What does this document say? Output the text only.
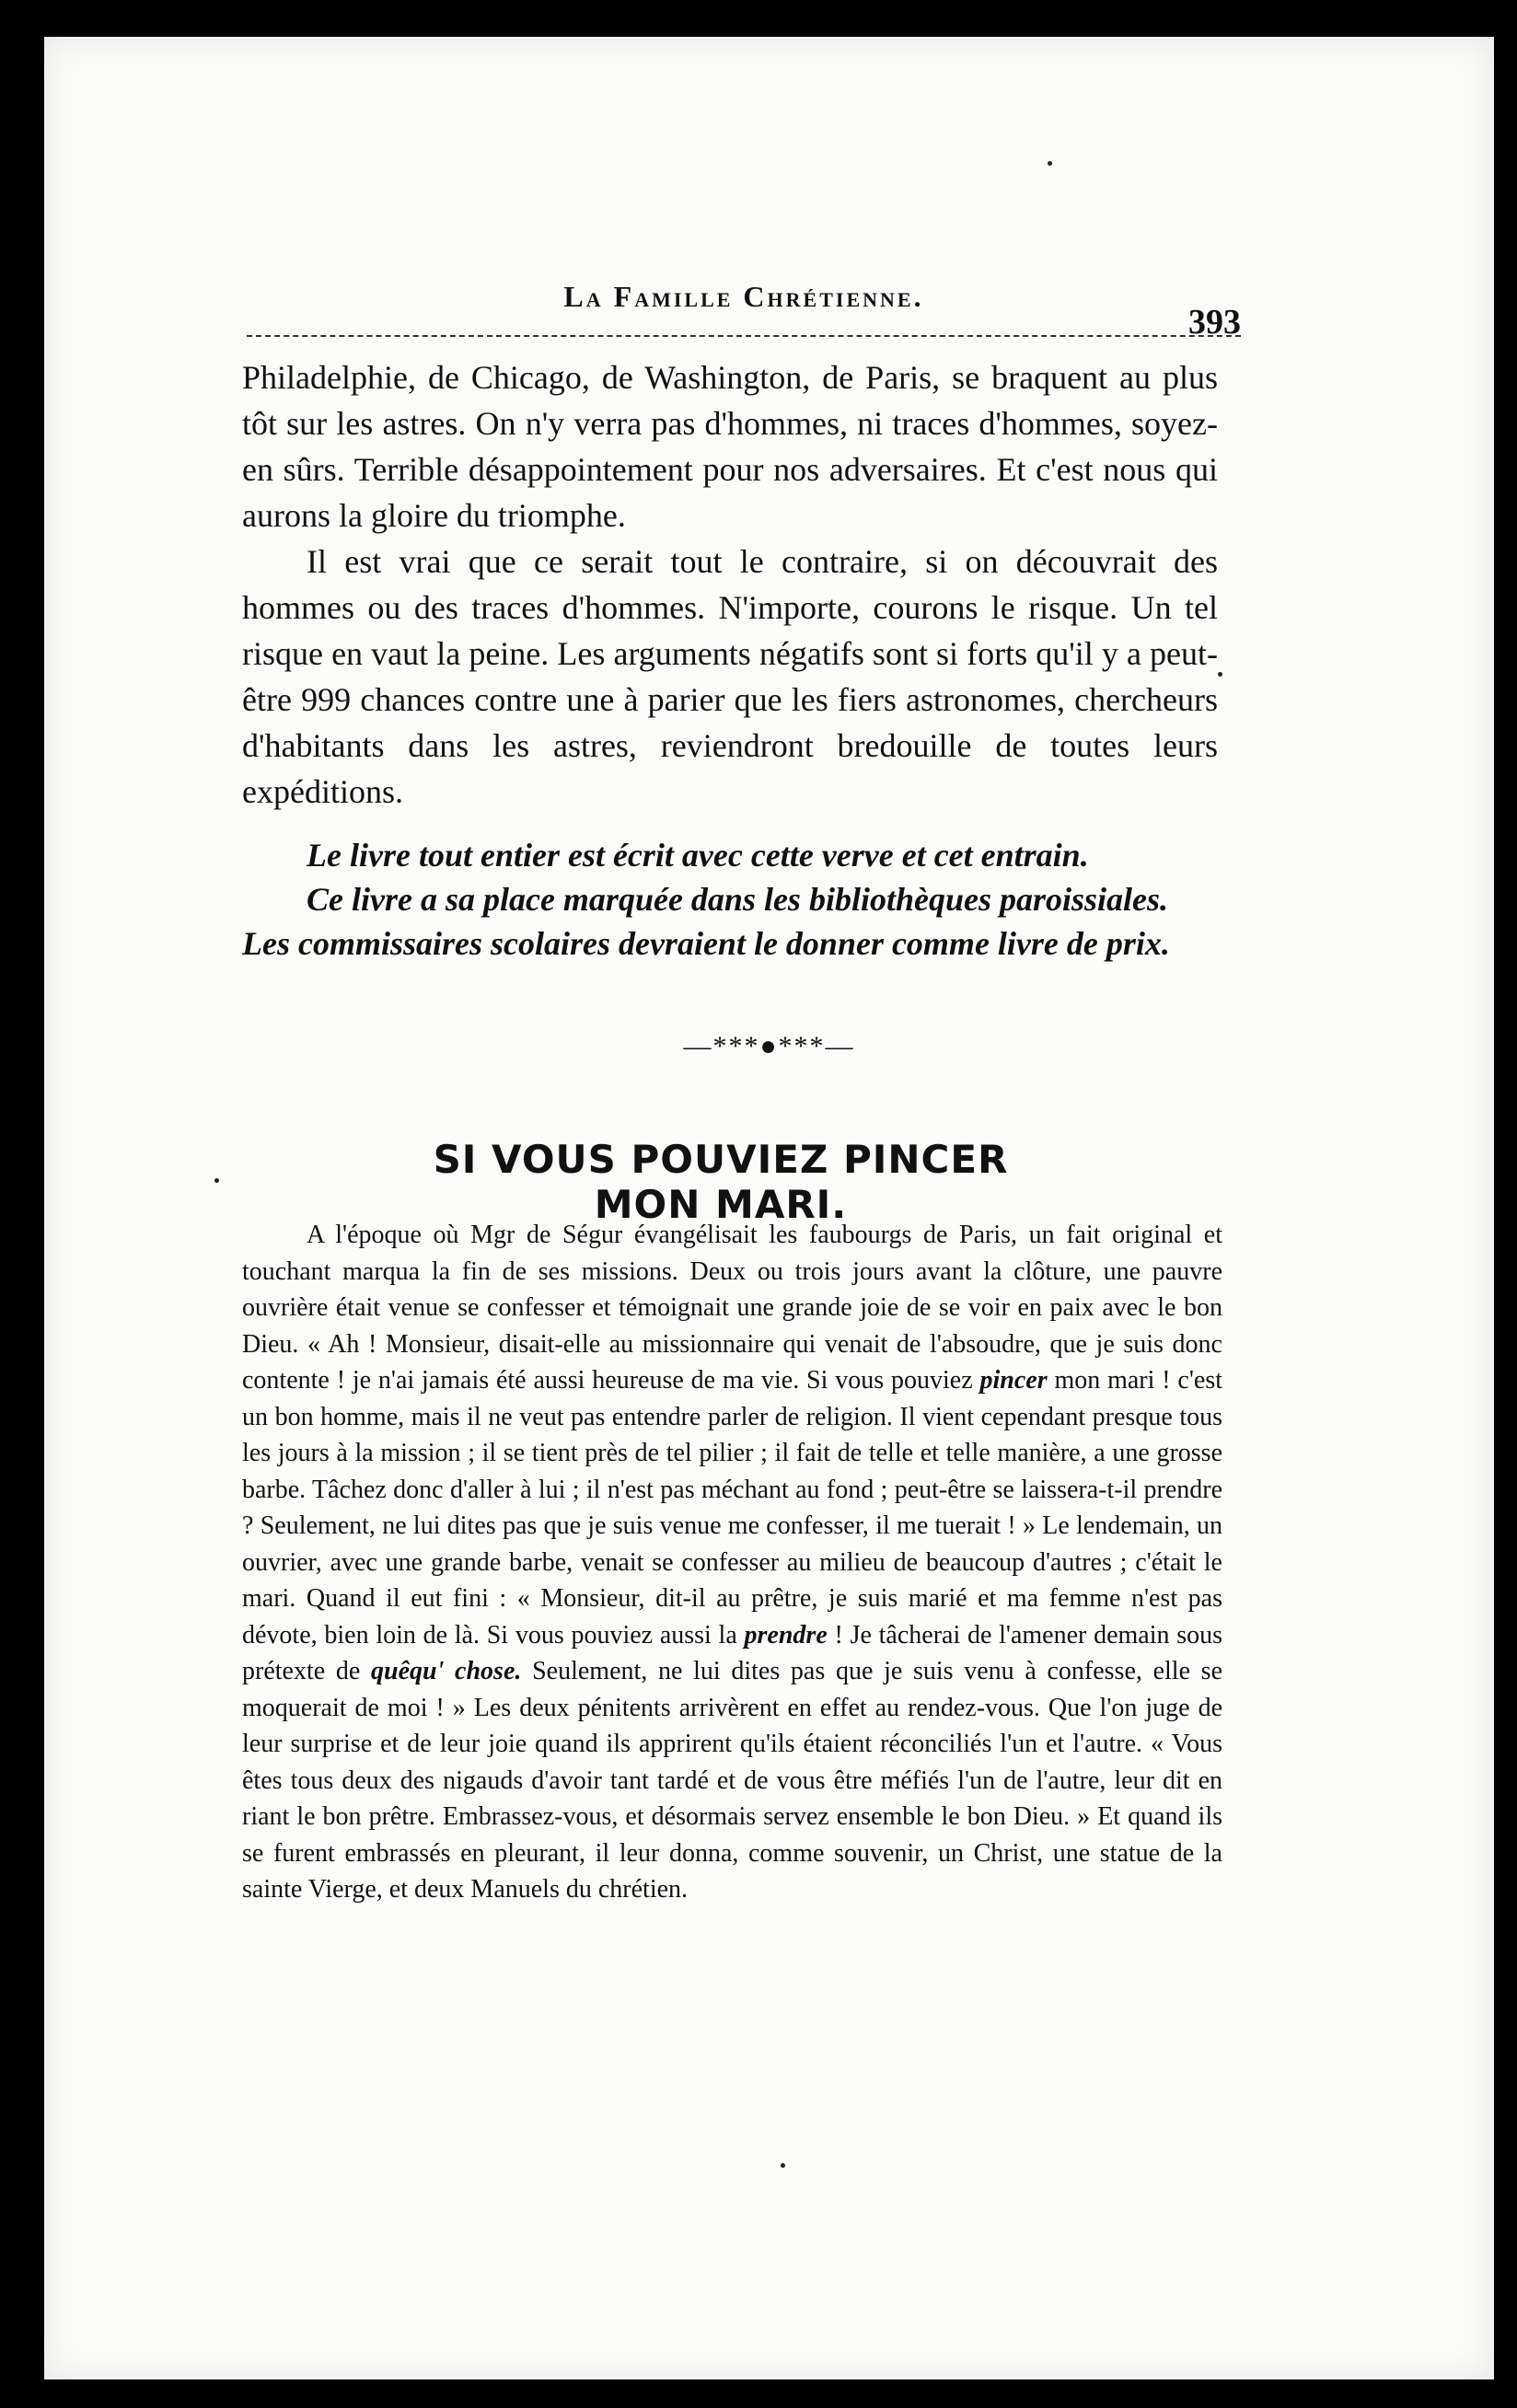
La Famille Chrétienne.
393

Philadelphie, de Chicago, de Washington, de Paris, se braquent au plus tôt sur les astres. On n'y verra pas d'hommes, ni traces d'hommes, soyez-en sûrs. Terrible désappointement pour nos adversaires. Et c'est nous qui aurons la gloire du triomphe.

Il est vrai que ce serait tout le contraire, si on découvrait des hommes ou des traces d'hommes. N'importe, courons le risque. Un tel risque en vaut la peine. Les arguments négatifs sont si forts qu'il y a peut-être 999 chances contre une à parier que les fiers astronomes, chercheurs d'habitants dans les astres, reviendront bredouille de toutes leurs expéditions.

Le livre tout entier est écrit avec cette verve et cet entrain.

Ce livre a sa place marquée dans les bibliothèques paroissiales.

Les commissaires scolaires devraient le donner comme livre de prix.

—***●***—
SI VOUS POUVIEZ PINCER MON MARI.

A l'époque où Mgr de Ségur évangélisait les faubourgs de Paris, un fait original et touchant marqua la fin de ses missions. Deux ou trois jours avant la clôture, une pauvre ouvrière était venue se confesser et témoignait une grande joie de se voir en paix avec le bon Dieu. « Ah ! Monsieur, disait-elle au missionnaire qui venait de l'absoudre, que je suis donc contente ! je n'ai jamais été aussi heureuse de ma vie. Si vous pouviez pincer mon mari ! c'est un bon homme, mais il ne veut pas entendre parler de religion. Il vient cependant presque tous les jours à la mission ; il se tient près de tel pilier ; il fait de telle et telle manière, a une grosse barbe. Tâchez donc d'aller à lui ; il n'est pas méchant au fond ; peut-être se laissera-t-il prendre ? Seulement, ne lui dites pas que je suis venue me confesser, il me tuerait ! » Le lendemain, un ouvrier, avec une grande barbe, venait se confesser au milieu de beaucoup d'autres ; c'était le mari. Quand il eut fini : « Monsieur, dit-il au prêtre, je suis marié et ma femme n'est pas dévote, bien loin de là. Si vous pouviez aussi la prendre ! Je tâcherai de l'amener demain sous prétexte de quêqu' chose. Seulement, ne lui dites pas que je suis venu à confesse, elle se moquerait de moi ! » Les deux pénitents arrivèrent en effet au rendez-vous. Que l'on juge de leur surprise et de leur joie quand ils apprirent qu'ils étaient réconciliés l'un et l'autre. « Vous êtes tous deux des nigauds d'avoir tant tardé et de vous être méfiés l'un de l'autre, leur dit en riant le bon prêtre. Embrassez-vous, et désormais servez ensemble le bon Dieu. » Et quand ils se furent embrassés en pleurant, il leur donna, comme souvenir, un Christ, une statue de la sainte Vierge, et deux Manuels du chrétien.
